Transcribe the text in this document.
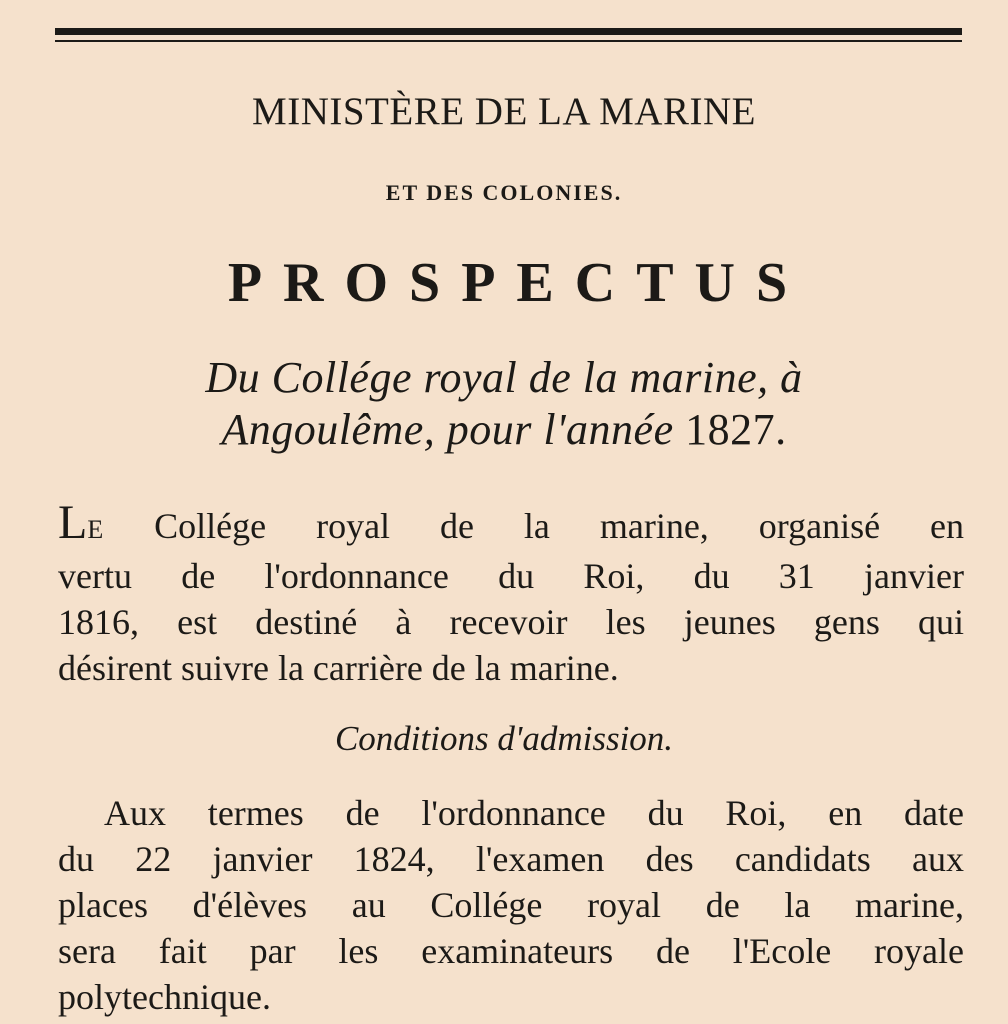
MINISTÈRE DE LA MARINE
ET DES COLONIES.
PROSPECTUS
Du Collége royal de la marine, à
Angoulême, pour l'année 1827.
LE Collége royal de la marine, organisé en
vertu de l'ordonnance du Roi, du 31 janvier
1816, est destiné à recevoir les jeunes gens qui
désirent suivre la carrière de la marine.
Conditions d'admission.
Aux termes de l'ordonnance du Roi, en date
du 22 janvier 1824, l'examen des candidats aux
places d'élèves au Collége royal de la marine,
sera fait par les examinateurs de l'Ecole royale
polytechnique.
